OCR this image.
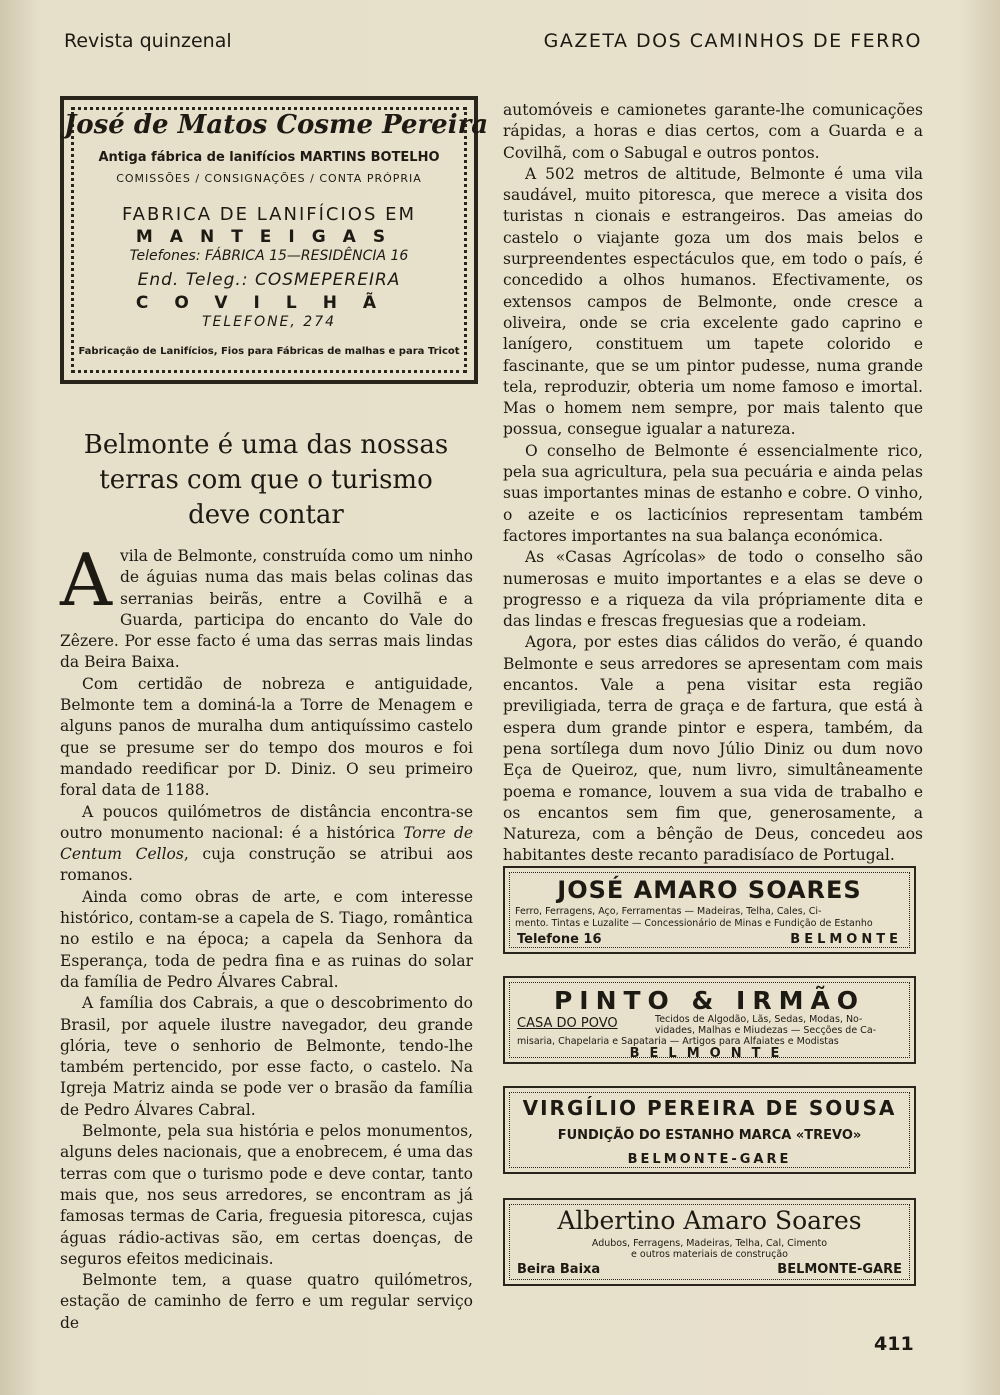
Revista quinzenal	GAZETA DOS CAMINHOS DE FERRO
José de Matos Cosme Pereira
Antiga fábrica de lanifícios MARTINS BOTELHO
COMISSÕES / CONSIGNAÇÕES / CONTA PRÓPRIA
FABRICA DE LANIFÍCIOS EM
MANTEIGAS
Telefones: FÁBRICA 15—RESIDÊNCIA 16
End. Teleg.: COSMEPEREIRA
COVILHÃ
TELEFONE, 274
Fabricação de Lanifícios, Fios para Fábricas de malhas e para Tricot
Belmonte é uma das nossas
terras com que o turismo
deve contar

Avila de Belmonte, construída como um ninho de águias numa das mais belas colinas das serranias beirãs, entre a Covilhã e a Guarda, participa do encanto do Vale do Zêzere. Por esse facto é uma das serras mais lindas da Beira Baixa.

Com certidão de nobreza e antiguidade, Belmonte tem a dominá-la a Torre de Menagem e alguns panos de muralha dum antiquíssimo castelo que se presume ser do tempo dos mouros e foi mandado reedificar por D. Diniz. O seu primeiro foral data de 1188.

A poucos quilómetros de distância encontra-se outro monumento nacional: é a histórica Torre de Centum Cellos, cuja construção se atribui aos romanos.

Ainda como obras de arte, e com interesse histórico, contam-se a capela de S. Tiago, romântica no estilo e na época; a capela da Senhora da Esperança, toda de pedra fina e as ruinas do solar da família de Pedro Álvares Cabral.

A família dos Cabrais, a que o descobrimento do Brasil, por aquele ilustre navegador, deu grande glória, teve o senhorio de Belmonte, tendo-lhe também pertencido, por esse facto, o castelo. Na Igreja Matriz ainda se pode ver o brasão da família de Pedro Álvares Cabral.

Belmonte, pela sua história e pelos monumentos, alguns deles nacionais, que a enobrecem, é uma das terras com que o turismo pode e deve contar, tanto mais que, nos seus arredores, se encontram as já famosas termas de Caria, freguesia pitoresca, cujas águas rádio-activas são, em certas doenças, de seguros efeitos medicinais.

Belmonte tem, a quase quatro quilómetros, estação de caminho de ferro e um regular serviço de

automóveis e camionetes garante-lhe comunicações rápidas, a horas e dias certos, com a Guarda e a Covilhã, com o Sabugal e outros pontos.

A 502 metros de altitude, Belmonte é uma vila saudável, muito pitoresca, que merece a visita dos turistas n cionais e estrangeiros. Das ameias do castelo o viajante goza um dos mais belos e surpreendentes espectáculos que, em todo o país, é concedido a olhos humanos. Efectivamente, os extensos campos de Belmonte, onde cresce a oliveira, onde se cria excelente gado caprino e lanígero, constituem um tapete colorido e fascinante, que se um pintor pudesse, numa grande tela, reproduzir, obteria um nome famoso e imortal. Mas o homem nem sempre, por mais talento que possua, consegue igualar a natureza.

O conselho de Belmonte é essencialmente rico, pela sua agricultura, pela sua pecuária e ainda pelas suas importantes minas de estanho e cobre. O vinho, o azeite e os lacticínios representam também factores importantes na sua balança económica.

As «Casas Agrícolas» de todo o conselho são numerosas e muito importantes e a elas se deve o progresso e a riqueza da vila própriamente dita e das lindas e frescas freguesias que a rodeiam.

Agora, por estes dias cálidos do verão, é quando Belmonte e seus arredores se apresentam com mais encantos. Vale a pena visitar esta região previligiada, terra de graça e de fartura, que está à espera dum grande pintor e espera, também, da pena sortílega dum novo Júlio Diniz ou dum novo Eça de Queiroz, que, num livro, simultâneamente poema e romance, louvem a sua vida de trabalho e os encantos sem fim que, generosamente, a Natureza, com a bênção de Deus, concedeu aos habitantes deste recanto paradisíaco de Portugal.

JOSÉ AMARO SOARES
Ferro, Ferragens, Aço, Ferramentas — Madeiras, Telha, Cales, Ci-
mento. Tintas e Luzalite — Concessionário de Minas e Fundição de Estanho
Telefone 16	BELMONTE
PINTO & IRMÃO
CASA DO POVO	Tecidos de Algodão, Lãs, Sedas, Modas, No-
vidades, Malhas e Miudezas — Secções de Ca-
misaria, Chapelaria e Sapataria — Artigos para Alfaiates e Modistas
BELMONTE
VIRGÍLIO PEREIRA DE SOUSA
FUNDIÇÃO DO ESTANHO MARCA «TREVO»
BELMONTE-GARE
Albertino Amaro Soares
Adubos, Ferragens, Madeiras, Telha, Cal, Cimento
e outros materiais de construção
Beira Baixa	BELMONTE-GARE
411
